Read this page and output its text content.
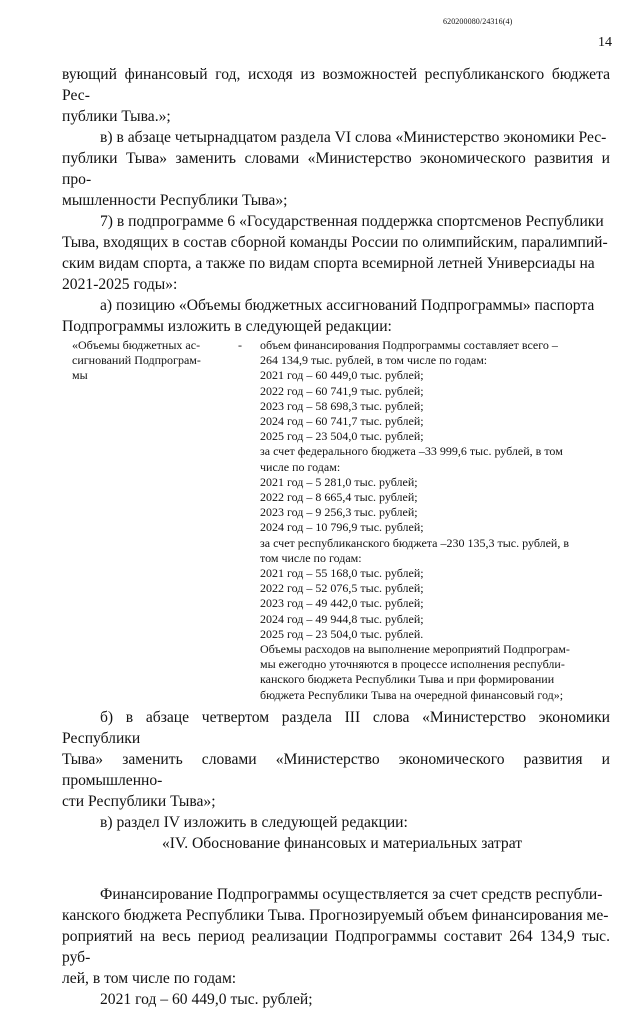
620200080/24316(4)
14

вующий финансовый год, исходя из возможностей республиканского бюджета Рес-

публики Тыва.»;

в) в абзаце четырнадцатом раздела VI слова «Министерство экономики Рес-

публики Тыва» заменить словами «Министерство экономического развития и про-

мышленности Республики Тыва»;

7) в подпрограмме 6 «Государственная поддержка спортсменов Республики

Тыва, входящих в состав сборной команды России по олимпийским, паралимпий-

ским видам спорта, а также по видам спорта всемирной летней Универсиады на

2021-2025 годы»:

а) позицию «Объемы бюджетных ассигнований Подпрограммы» паспорта

Подпрограммы изложить в следующей редакции:

«Объемы бюджетных ас-
сигнований Подпрограм-
мы
-	объем финансирования Подпрограммы составляет всего –
264 134,9 тыс. рублей, в том числе по годам:
2021 год – 60 449,0 тыс. рублей;
2022 год – 60 741,9 тыс. рублей;
2023 год – 58 698,3 тыс. рублей;
2024 год – 60 741,7 тыс. рублей;
2025 год – 23 504,0 тыс. рублей;
за счет федерального бюджета –33 999,6 тыс. рублей, в том
числе по годам:
2021 год – 5 281,0 тыс. рублей;
2022 год – 8 665,4 тыс. рублей;
2023 год – 9 256,3 тыс. рублей;
2024 год – 10 796,9 тыс. рублей;
за счет республиканского бюджета –230 135,3 тыс. рублей, в
том числе по годам:
2021 год – 55 168,0 тыс. рублей;
2022 год – 52 076,5 тыс. рублей;
2023 год – 49 442,0 тыс. рублей;
2024 год – 49 944,8 тыс. рублей;
2025 год – 23 504,0 тыс. рублей.
Объемы расходов на выполнение мероприятий Подпрограм-
мы ежегодно уточняются в процессе исполнения республи-
канского бюджета Республики Тыва и при формировании
бюджета Республики Тыва на очередной финансовый год»;

б) в абзаце четвертом раздела III слова «Министерство экономики Республики

Тыва» заменить словами «Министерство экономического развития и промышленно-

сти Республики Тыва»;

в) раздел IV изложить в следующей редакции:

«IV. Обоснование финансовых и материальных затрат

Финансирование Подпрограммы осуществляется за счет средств республи-

канского бюджета Республики Тыва. Прогнозируемый объем финансирования ме-

роприятий на весь период реализации Подпрограммы составит 264 134,9 тыс. руб-

лей, в том числе по годам:

2021 год – 60 449,0 тыс. рублей;
